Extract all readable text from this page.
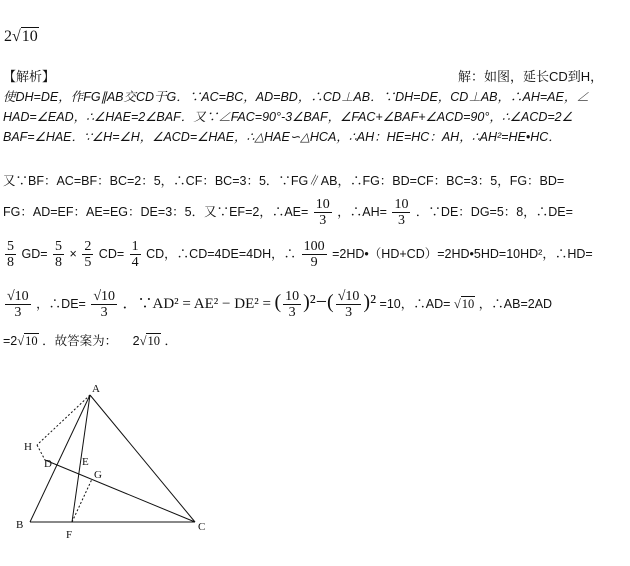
2√10
【解析】	解：如图，延长CD到H，
使DH=DE，作FG∥AB交CD于G．∵AC=BC，AD=BD，∴CD⊥AB．∵DH=DE，CD⊥AB，∴AH=AE，∠
HAD=∠EAD，∴∠HAE=2∠BAF．又∵∠FAC=90°-3∠BAF，∠FAC+∠BAF+∠ACD=90°，∴∠ACD=2∠
BAF=∠HAE．∵∠H=∠H，∠ACD=∠HAE，∴△HAE∽△HCA，∴AH：HE=HC：AH，∴AH²=HE•HC．
又∵BF：AC=BF：BC=2：5，∴CF：BC=3：5．∵FG∥AB，∴FG：BD=CF：BC=3：5，FG：BD=
FG：AD=EF：AE=EG：DE=3：5．又∵EF=2，∴AE= $\frac{10}{3}$ ，∴AH= $\frac{10}{3}$ ．∵DE：DG=5：8，∴DE=
$\frac{5}{8} GD= \frac{5}{8} \times \frac{2}{5} CD= \frac{1}{4}$ CD，∴CD=4DE=4DH，∴ $\frac{100}{9}$ =2HD•（HD+CD）=2HD•5HD=10HD²，∴HD=
$\frac{√10}{3}$ ，∴DE= $\frac{√10}{3}$ ．∵AD² = AE² − DE² = ( $\frac{10}{3} )^2-( \frac{√10}{3} )^2 =10$，∴AD= √10 ，∴AB=2AD
=2√10 ．故答案为： 2√10 ．
A
H
D	E
G
B
F
C
